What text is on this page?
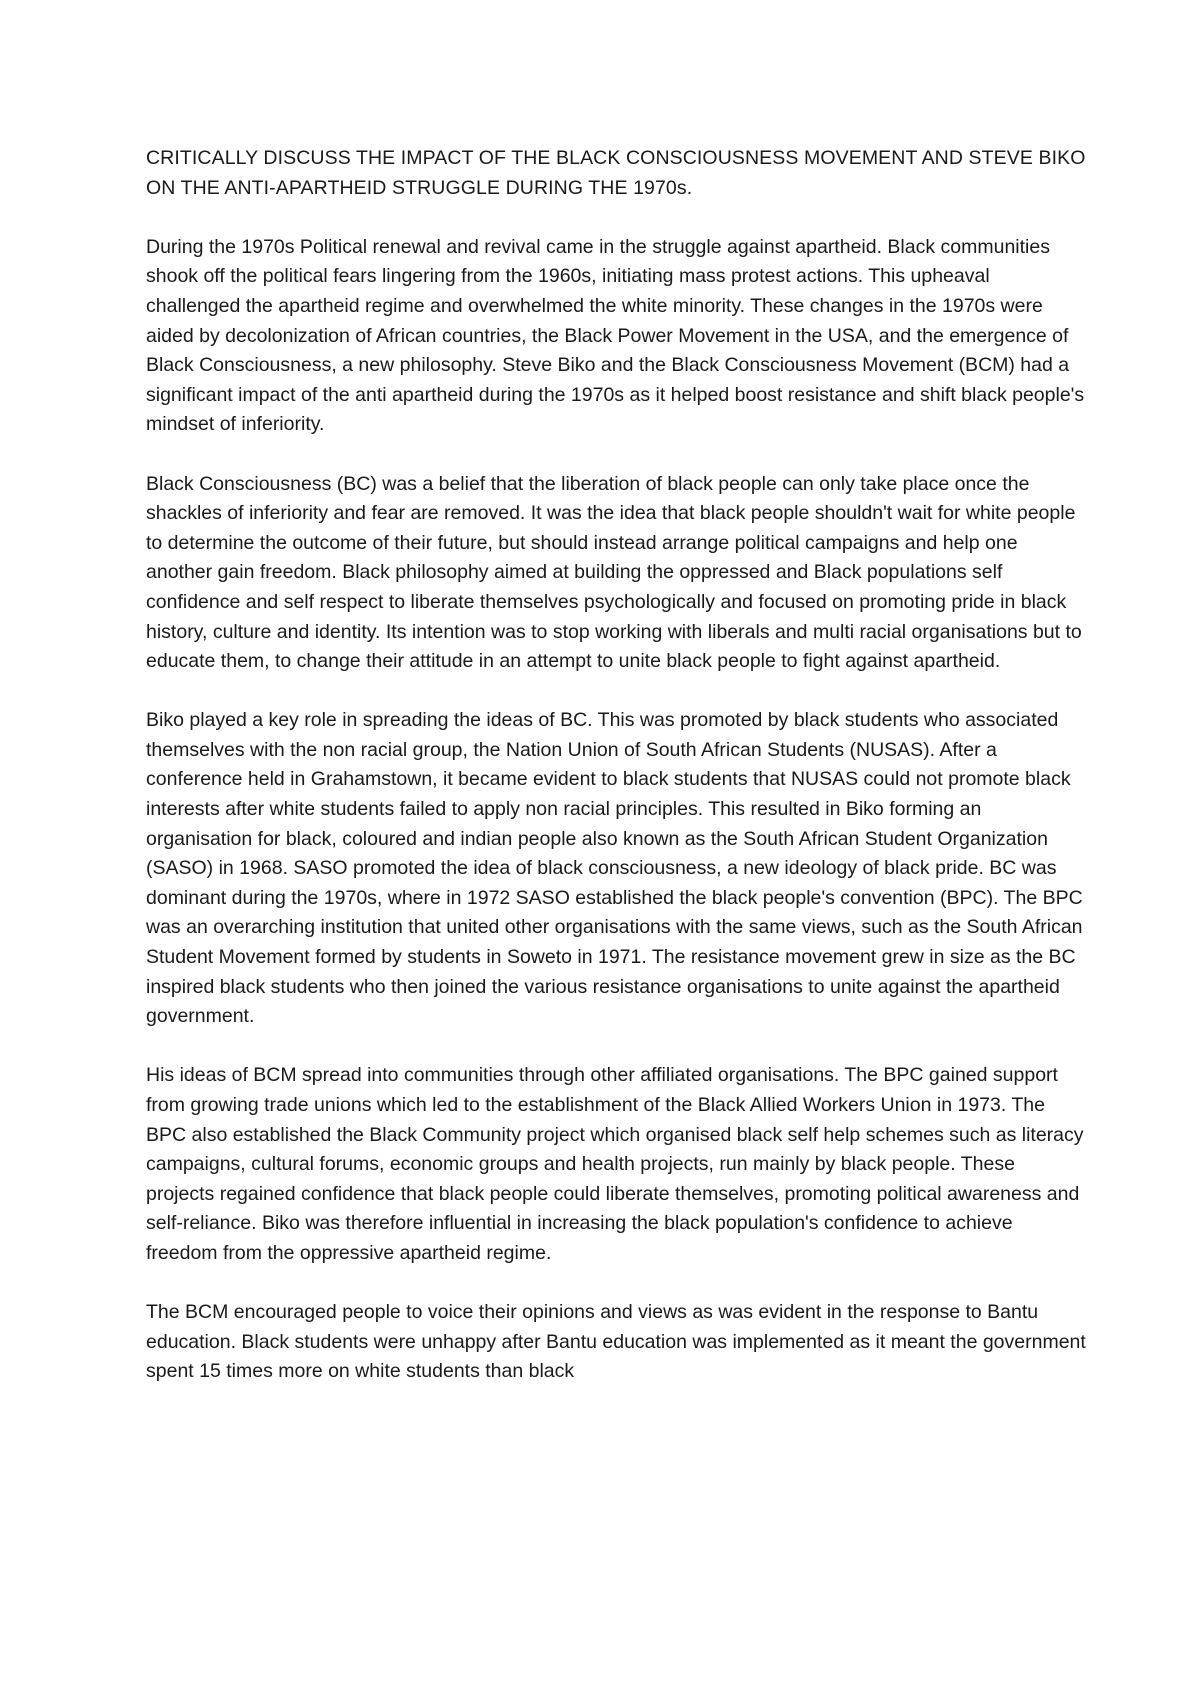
CRITICALLY DISCUSS THE IMPACT OF THE BLACK CONSCIOUSNESS MOVEMENT AND STEVE BIKO ON THE ANTI-APARTHEID STRUGGLE DURING THE 1970s.

During the 1970s Political renewal and revival came in the struggle against apartheid. Black communities shook off the political fears lingering from the 1960s, initiating mass protest actions. This upheaval challenged the apartheid regime and overwhelmed the white minority. These changes in the 1970s were aided by decolonization of African countries, the Black Power Movement in the USA, and the emergence of Black Consciousness, a new philosophy. Steve Biko and the Black Consciousness Movement (BCM) had a significant impact of the anti apartheid during the 1970s as it helped boost resistance and shift black people's mindset of inferiority.

Black Consciousness (BC) was a belief that the liberation of black people can only take place once the shackles of inferiority and fear are removed. It was the idea that black people shouldn't wait for white people to determine the outcome of their future, but should instead arrange political campaigns and help one another gain freedom. Black philosophy aimed at building the oppressed and Black populations self confidence and self respect to liberate themselves psychologically and focused on promoting pride in black history, culture and identity. Its intention was to stop working with liberals and multi racial organisations but to educate them, to change their attitude in an attempt to unite black people to fight against apartheid.

Biko played a key role in spreading the ideas of BC. This was promoted by black students who associated themselves with the non racial group, the Nation Union of South African Students (NUSAS). After a conference held in Grahamstown, it became evident to black students that NUSAS could not promote black interests after white students failed to apply non racial principles. This resulted in Biko forming an organisation for black, coloured and indian people also known as the South African Student Organization (SASO) in 1968. SASO promoted the idea of black consciousness, a new ideology of black pride. BC was dominant during the 1970s, where in 1972 SASO established the black people's convention (BPC). The BPC was an overarching institution that united other organisations with the same views, such as the South African Student Movement formed by students in Soweto in 1971. The resistance movement grew in size as the BC inspired black students who then joined the various resistance organisations to unite against the apartheid government.

His ideas of BCM spread into communities through other affiliated organisations. The BPC gained support from growing trade unions which led to the establishment of the Black Allied Workers Union in 1973. The BPC also established the Black Community project which organised black self help schemes such as literacy campaigns, cultural forums, economic groups and health projects, run mainly by black people. These projects regained confidence that black people could liberate themselves, promoting political awareness and self-reliance. Biko was therefore influential in increasing the black population's confidence to achieve freedom from the oppressive apartheid regime.

The BCM encouraged people to voice their opinions and views as was evident in the response to Bantu education. Black students were unhappy after Bantu education was implemented as it meant the government spent 15 times more on white students than black
